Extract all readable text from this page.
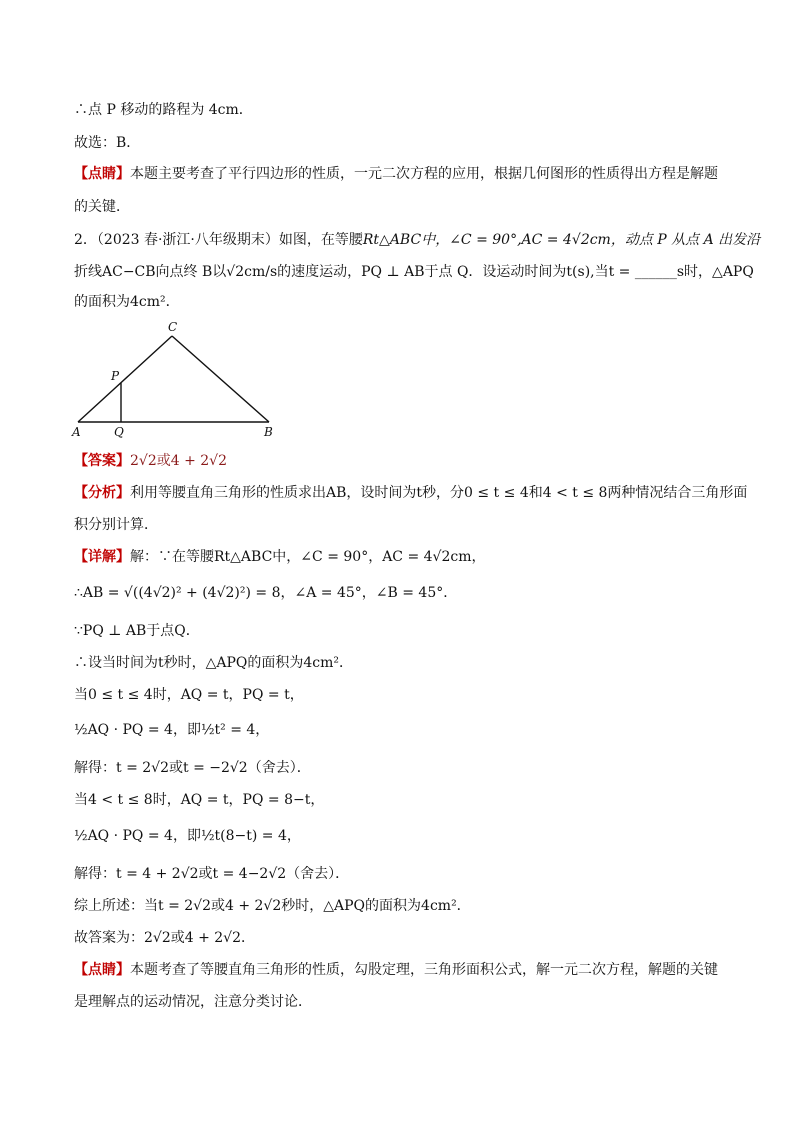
∴点 P 移动的路程为 4cm．
故选：B．
【点睛】本题主要考查了平行四边形的性质，一元二次方程的应用，根据几何图形的性质得出方程是解题
的关键．
2．（2023 春·浙江·八年级期末）如图，在等腰Rt△ABC中，∠C = 90°,AC = 4√2cm，动点 P 从点 A 出发沿
折线AC−CB向点终 B以√2cm/s的速度运动，PQ ⊥ AB于点 Q．设运动时间为t(s),当t = ______s时，△APQ
的面积为4cm²．
C
P
A	Q	B
【答案】2√2或4 + 2√2
【分析】利用等腰直角三角形的性质求出AB，设时间为t秒，分0 ≤ t ≤ 4和4 < t ≤ 8两种情况结合三角形面
积分别计算．
【详解】解：∵在等腰Rt△ABC中，∠C = 90°，AC = 4√2cm，
∴AB = √((4√2)² + (4√2)²) = 8，∠A = 45°，∠B = 45°．
∵PQ ⊥ AB于点Q．
∴设当时间为t秒时，△APQ的面积为4cm²．
当0 ≤ t ≤ 4时，AQ = t，PQ = t，
½AQ · PQ = 4，即½t² = 4，
解得：t = 2√2或t = −2√2（舍去）．
当4 < t ≤ 8时，AQ = t，PQ = 8−t，
½AQ · PQ = 4，即½t(8−t) = 4，
解得：t = 4 + 2√2或t = 4−2√2（舍去）．
综上所述：当t = 2√2或4 + 2√2秒时，△APQ的面积为4cm²．
故答案为：2√2或4 + 2√2．
【点睛】本题考查了等腰直角三角形的性质，勾股定理，三角形面积公式，解一元二次方程，解题的关键
是理解点的运动情况，注意分类讨论．
